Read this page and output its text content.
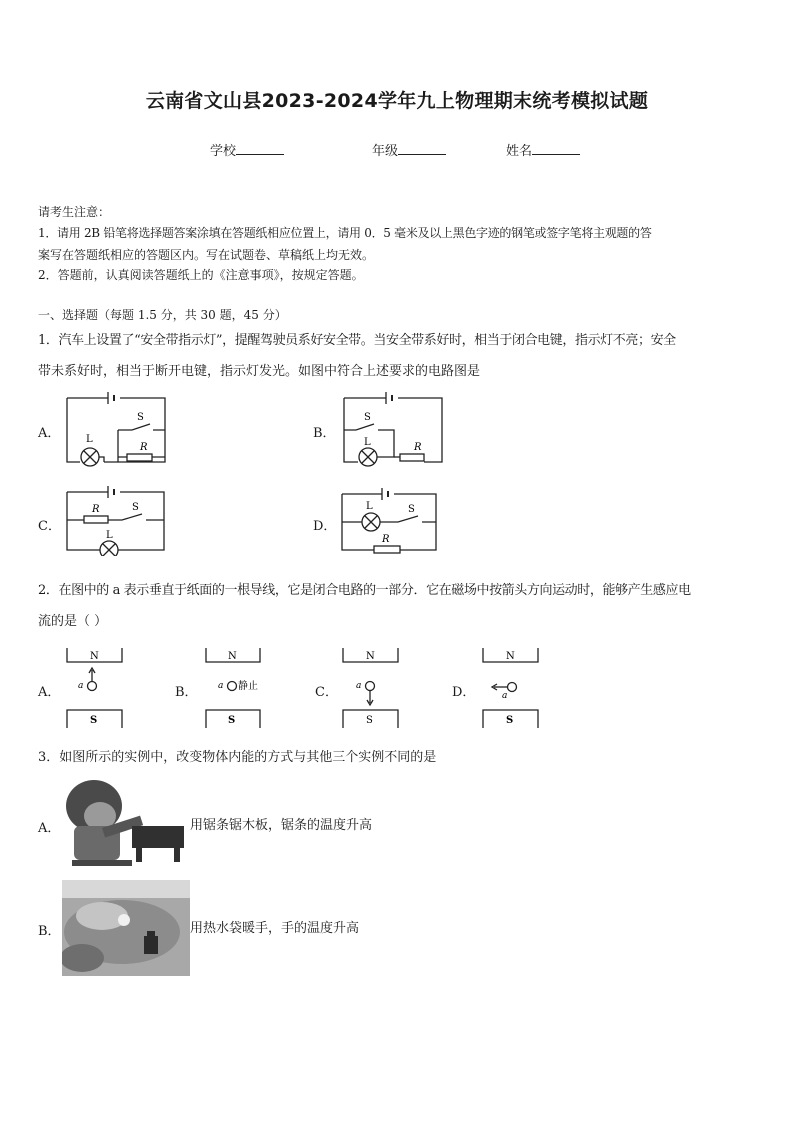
云南省文山县2023-2024学年九上物理期末统考模拟试题
学校	年级	姓名
请考生注意：
1．请用 2B 铅笔将选择题答案涂填在答题纸相应位置上，请用 0．5 毫米及以上黑色字迹的钢笔或签字笔将主观题的答
案写在答题纸相应的答题区内。写在试题卷、草稿纸上均无效。
2．答题前，认真阅读答题纸上的《注意事项》，按规定答题。
一、选择题（每题 1.5 分，共 30 题，45 分）
1．汽车上设置了“安全带指示灯”，提醒驾驶员系好安全带。当安全带系好时，相当于闭合电键，指示灯不亮；安全
带未系好时，相当于断开电键，指示灯发光。如图中符合上述要求的电路图是
A．
S
L
R
B．
S
L	R
C．
R	S
L
D．
L	S
R
2．在图中的 a 表示垂直于纸面的一根导线，它是闭合电路的一部分．它在磁场中按箭头方向运动时，能够产生感应电
流的是（ ）
A．
N
S
a	B．
N
S
a 静止	C．
N
S
a	D．
N
S
a
3．如图所示的实例中，改变物体内能的方式与其他三个实例不同的是
A．	用锯条锯木板，锯条的温度升高
B．	用热水袋暖手，手的温度升高
